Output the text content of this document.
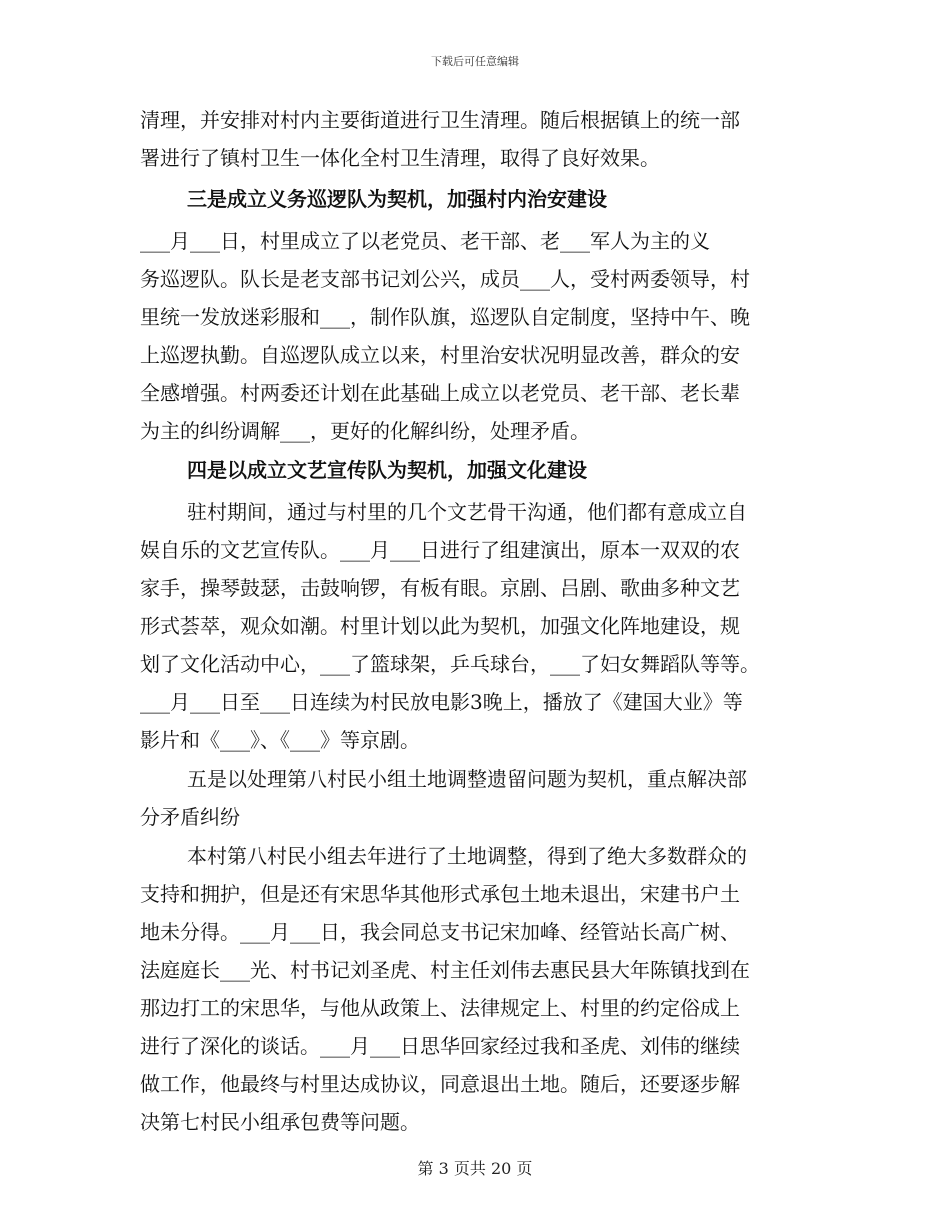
下载后可任意编辑
清理，并安排对村内主要街道进行卫生清理。随后根据镇上的统一部
署进行了镇村卫生一体化全村卫生清理，取得了良好效果。
三是成立义务巡逻队为契机，加强村内治安建设
___月___日，村里成立了以老党员、老干部、老___军人为主的义
务巡逻队。队长是老支部书记刘公兴，成员___人，受村两委领导，村
里统一发放迷彩服和___，制作队旗，巡逻队自定制度，坚持中午、晚
上巡逻执勤。自巡逻队成立以来，村里治安状况明显改善，群众的安
全感增强。村两委还计划在此基础上成立以老党员、老干部、老长辈
为主的纠纷调解___，更好的化解纠纷，处理矛盾。
四是以成立文艺宣传队为契机，加强文化建设
驻村期间，通过与村里的几个文艺骨干沟通，他们都有意成立自
娱自乐的文艺宣传队。___月___日进行了组建演出，原本一双双的农
家手，操琴鼓瑟，击鼓响锣，有板有眼。京剧、吕剧、歌曲多种文艺
形式荟萃，观众如潮。村里计划以此为契机，加强文化阵地建设，规
划了文化活动中心，___了篮球架，乒乓球台，___了妇女舞蹈队等等。
___月___日至___日连续为村民放电影3晚上，播放了《建国大业》等
影片和《___》、《___》等京剧。
五是以处理第八村民小组土地调整遗留问题为契机，重点解决部
分矛盾纠纷
本村第八村民小组去年进行了土地调整，得到了绝大多数群众的
支持和拥护，但是还有宋思华其他形式承包土地未退出，宋建书户土
地未分得。___月___日，我会同总支书记宋加峰、经管站长高广树、
法庭庭长___光、村书记刘圣虎、村主任刘伟去惠民县大年陈镇找到在
那边打工的宋思华，与他从政策上、法律规定上、村里的约定俗成上
进行了深化的谈话。___月___日思华回家经过我和圣虎、刘伟的继续
做工作，他最终与村里达成协议，同意退出土地。随后，还要逐步解
决第七村民小组承包费等问题。
第 3 页共 20 页
